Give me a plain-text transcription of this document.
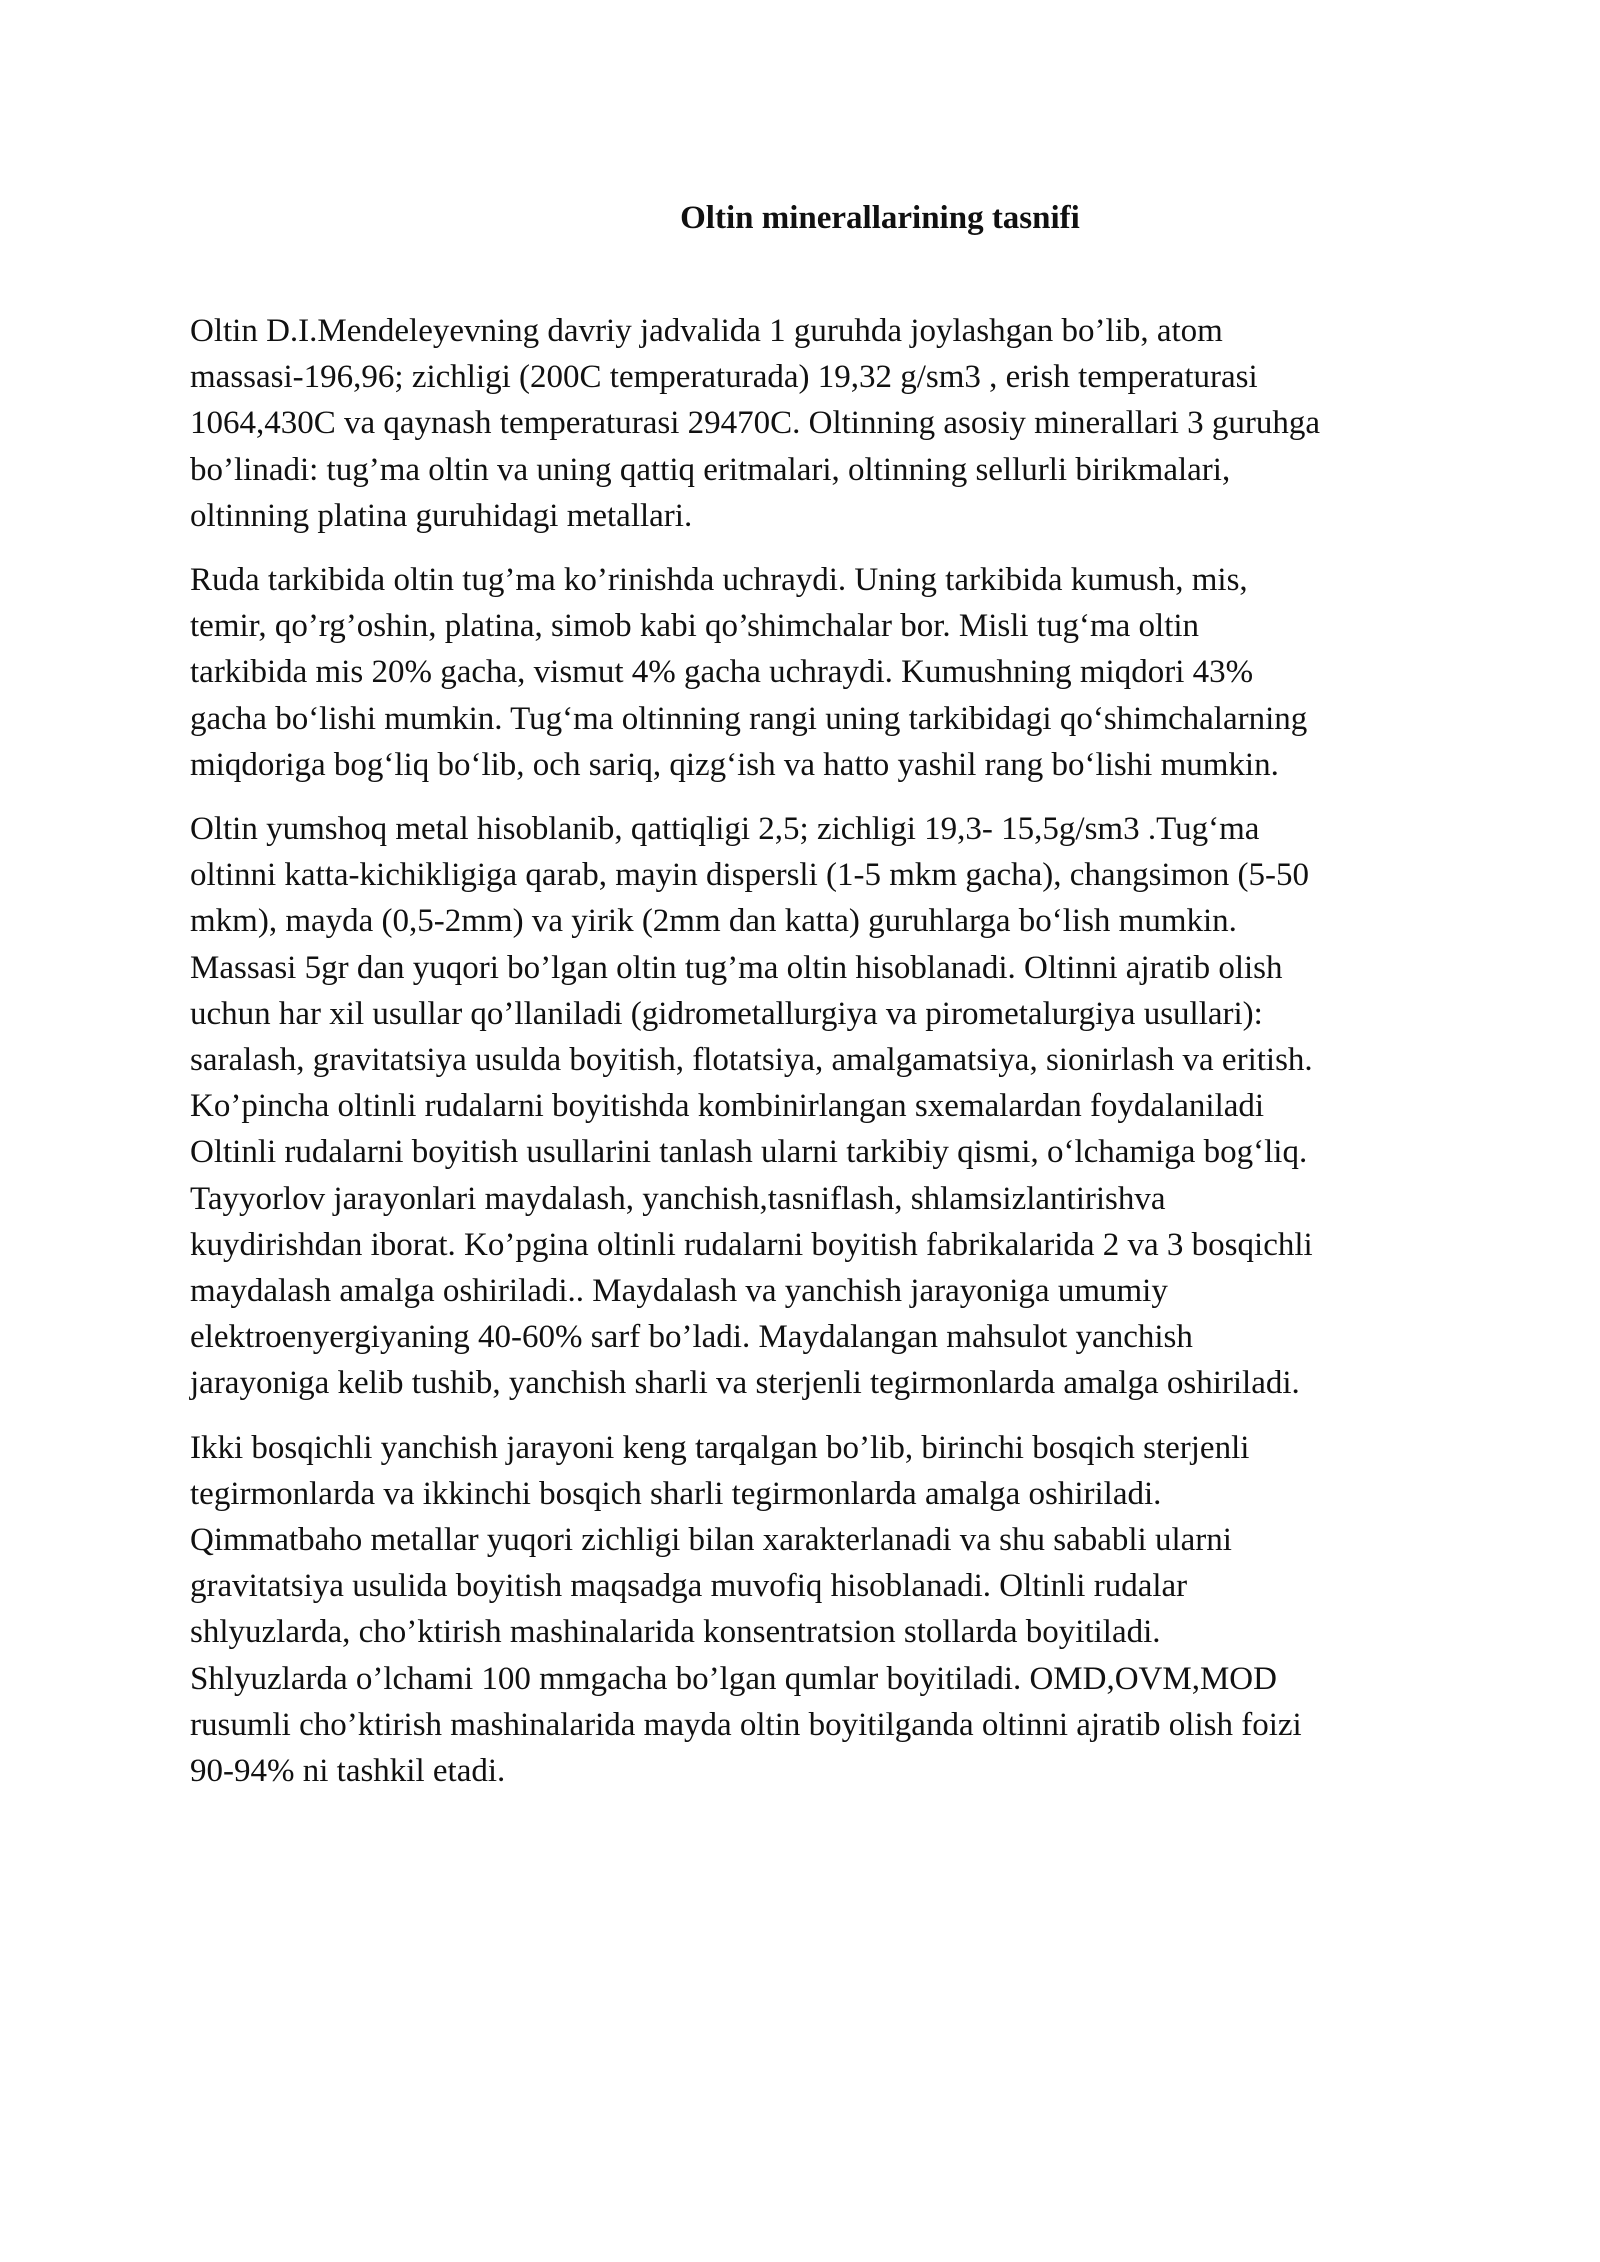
Oltin minerallarining tasnifi

Oltin D.I.Mendeleyevning davriy jadvalida 1 guruhda joylashgan bo’lib, atom
massasi-196,96; zichligi (200C temperaturada) 19,32 g/sm3 , erish temperaturasi
1064,430C va qaynash temperaturasi 29470C. Oltinning asosiy minerallari 3 guruhga
bo’linadi: tug’ma oltin va uning qattiq eritmalari, oltinning sellurli birikmalari,
oltinning platina guruhidagi metallari.

Ruda tarkibida oltin tug’ma ko’rinishda uchraydi. Uning tarkibida kumush, mis,
temir, qo’rg’oshin, platina, simob kabi qo’shimchalar bor. Misli tug‘ma oltin
tarkibida mis 20% gacha, vismut 4% gacha uchraydi. Kumushning miqdori 43%
gacha bo‘lishi mumkin. Tug‘ma oltinning rangi uning tarkibidagi qo‘shimchalarning
miqdoriga bog‘liq bo‘lib, och sariq, qizg‘ish va hatto yashil rang bo‘lishi mumkin.

Oltin yumshoq metal hisoblanib, qattiqligi 2,5; zichligi 19,3- 15,5g/sm3 .Tug‘ma
oltinni katta-kichikligiga qarab, mayin dispersli (1-5 mkm gacha), changsimon (5-50
mkm), mayda (0,5-2mm) va yirik (2mm dan katta) guruhlarga bo‘lish mumkin.
Massasi 5gr dan yuqori bo’lgan oltin tug’ma oltin hisoblanadi. Oltinni ajratib olish
uchun har xil usullar qo’llaniladi (gidrometallurgiya va pirometalurgiya usullari):
saralash, gravitatsiya usulda boyitish, flotatsiya, amalgamatsiya, sionirlash va eritish.
Ko’pincha oltinli rudalarni boyitishda kombinirlangan sxemalardan foydalaniladi
Oltinli rudalarni boyitish usullarini tanlash ularni tarkibiy qismi, o‘lchamiga bog‘liq.
Tayyorlov jarayonlari maydalash, yanchish,tasniflash, shlamsizlantirishva
kuydirishdan iborat. Ko’pgina oltinli rudalarni boyitish fabrikalarida 2 va 3 bosqichli
maydalash amalga oshiriladi.. Maydalash va yanchish jarayoniga umumiy
elektroenyergiyaning 40-60% sarf bo’ladi. Maydalangan mahsulot yanchish
jarayoniga kelib tushib, yanchish sharli va sterjenli tegirmonlarda amalga oshiriladi.

Ikki bosqichli yanchish jarayoni keng tarqalgan bo’lib, birinchi bosqich sterjenli
tegirmonlarda va ikkinchi bosqich sharli tegirmonlarda amalga oshiriladi.
Qimmatbaho metallar yuqori zichligi bilan xarakterlanadi va shu sababli ularni
gravitatsiya usulida boyitish maqsadga muvofiq hisoblanadi. Oltinli rudalar
shlyuzlarda, cho’ktirish mashinalarida konsentratsion stollarda boyitiladi.
Shlyuzlarda o’lchami 100 mmgacha bo’lgan qumlar boyitiladi. OMD,OVM,MOD
rusumli cho’ktirish mashinalarida mayda oltin boyitilganda oltinni ajratib olish foizi
90-94% ni tashkil etadi.
